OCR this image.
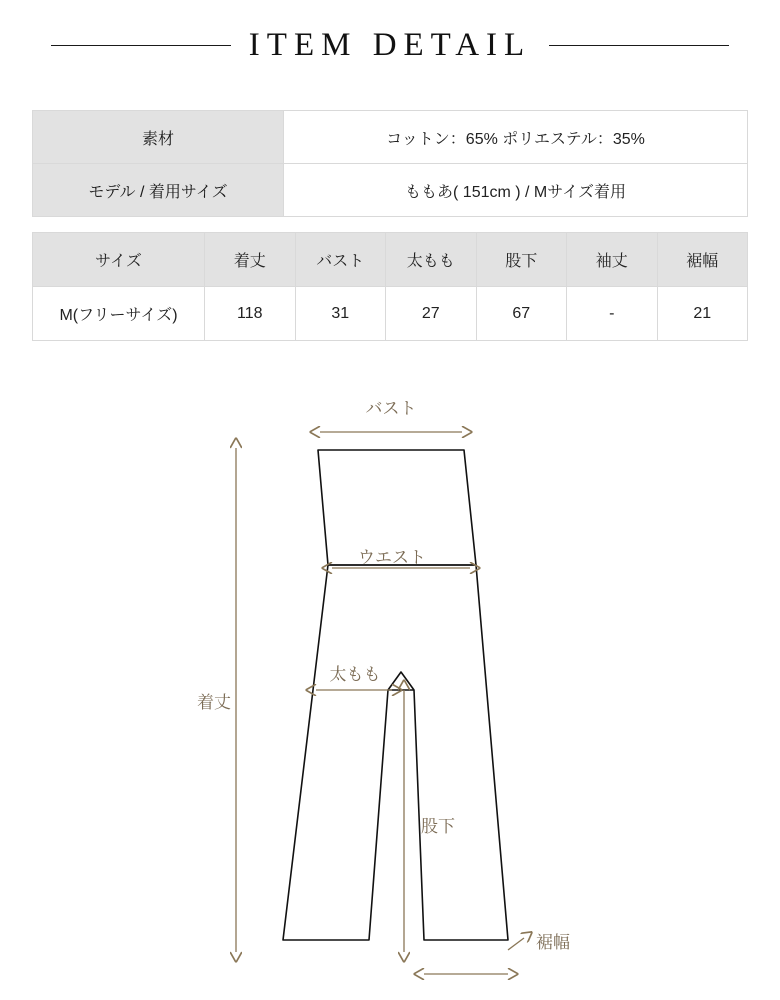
ITEM DETAIL
素材	コットン：65% ポリエステル：35%
モデル / 着用サイズ	ももあ( 151cm ) / Mサイズ着用
サイズ	着丈	バスト	太もも	股下	袖丈	裾幅
M(フリーサイズ)	118	31	27	67	-	21
バスト
ウエスト
太もも
着丈
股下
裾幅
